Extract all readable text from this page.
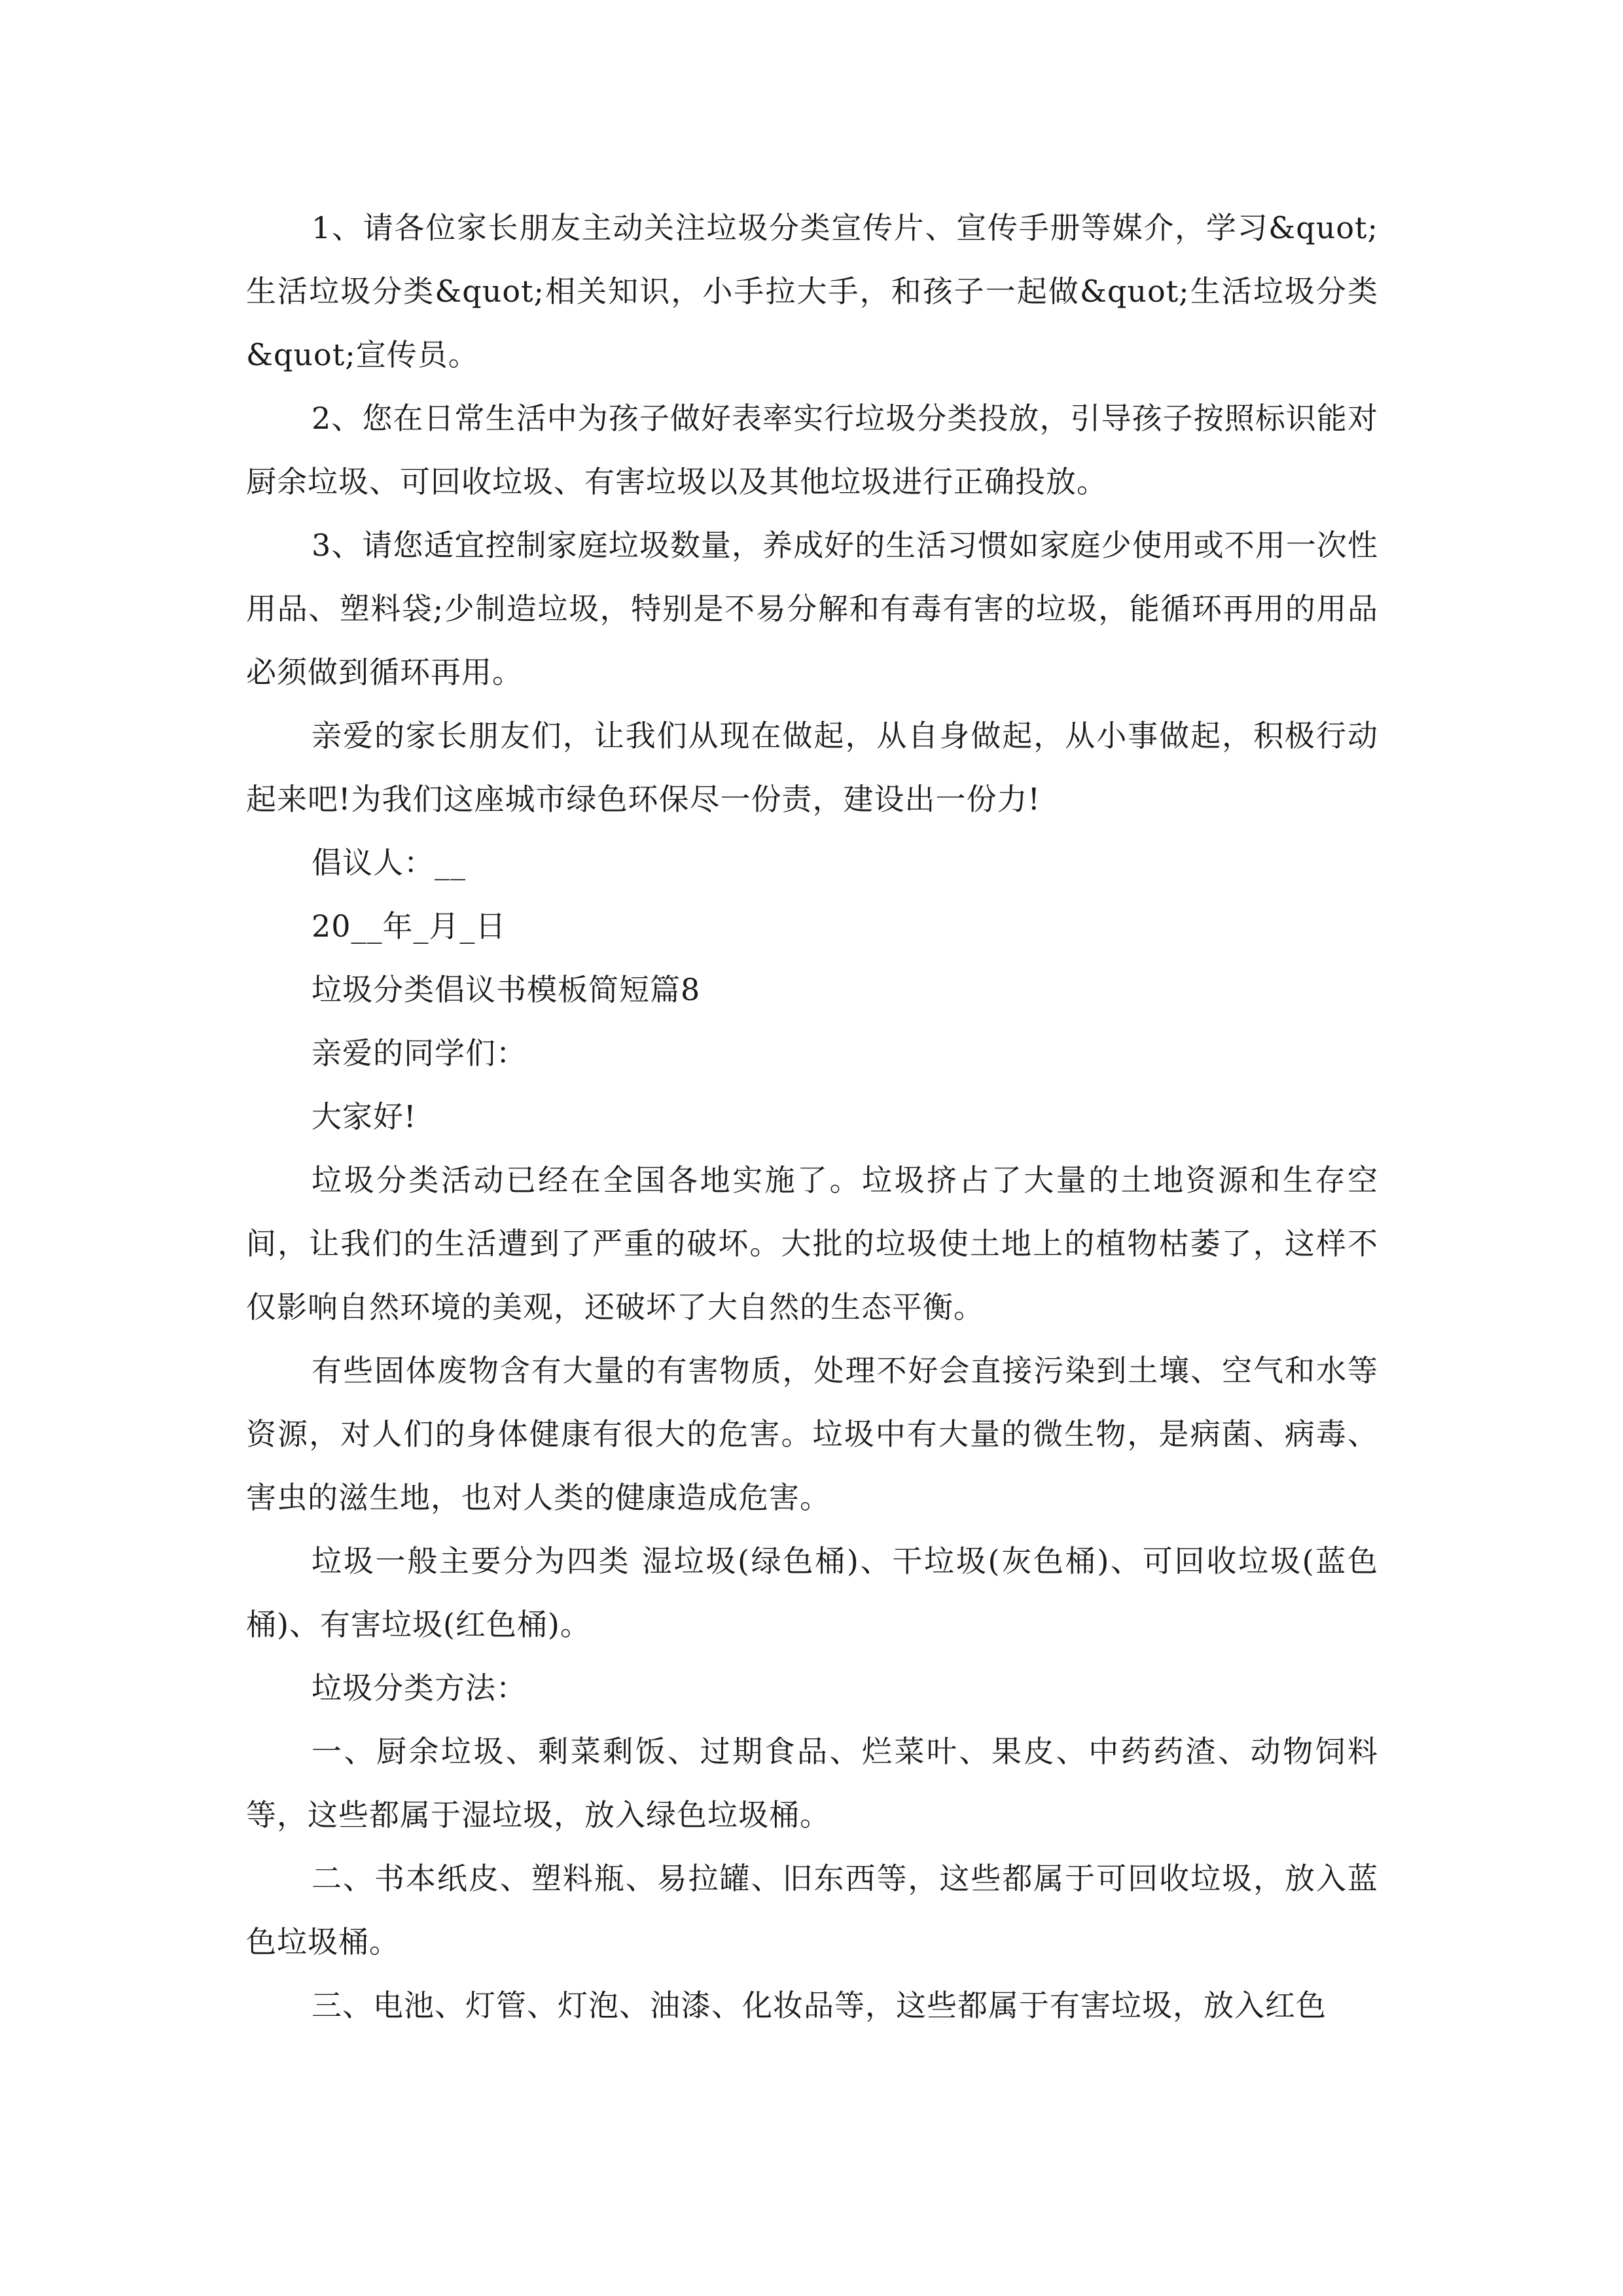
1、请各位家长朋友主动关注垃圾分类宣传片、宣传手册等媒介，学习&quot;生活垃圾分类&quot;相关知识，小手拉大手，和孩子一起做&quot;生活垃圾分类&quot;宣传员。

2、您在日常生活中为孩子做好表率实行垃圾分类投放，引导孩子按照标识能对厨余垃圾、可回收垃圾、有害垃圾以及其他垃圾进行正确投放。

3、请您适宜控制家庭垃圾数量，养成好的生活习惯如家庭少使用或不用一次性用品、塑料袋;少制造垃圾，特别是不易分解和有毒有害的垃圾，能循环再用的用品必须做到循环再用。

亲爱的家长朋友们，让我们从现在做起，从自身做起，从小事做起，积极行动起来吧!为我们这座城市绿色环保尽一份责，建设出一份力!

倡议人：__

20__年_月_日

垃圾分类倡议书模板简短篇8

亲爱的同学们：

大家好!

垃圾分类活动已经在全国各地实施了。垃圾挤占了大量的土地资源和生存空间，让我们的生活遭到了严重的破坏。大批的垃圾使土地上的植物枯萎了，这样不仅影响自然环境的美观，还破坏了大自然的生态平衡。

有些固体废物含有大量的有害物质，处理不好会直接污染到土壤、空气和水等资源，对人们的身体健康有很大的危害。垃圾中有大量的微生物，是病菌、病毒、害虫的滋生地，也对人类的健康造成危害。

垃圾一般主要分为四类 湿垃圾(绿色桶)、干垃圾(灰色桶)、可回收垃圾(蓝色桶)、有害垃圾(红色桶)。

垃圾分类方法：

一、厨余垃圾、剩菜剩饭、过期食品、烂菜叶、果皮、中药药渣、动物饲料等，这些都属于湿垃圾，放入绿色垃圾桶。

二、书本纸皮、塑料瓶、易拉罐、旧东西等，这些都属于可回收垃圾，放入蓝色垃圾桶。

三、电池、灯管、灯泡、油漆、化妆品等，这些都属于有害垃圾，放入红色
